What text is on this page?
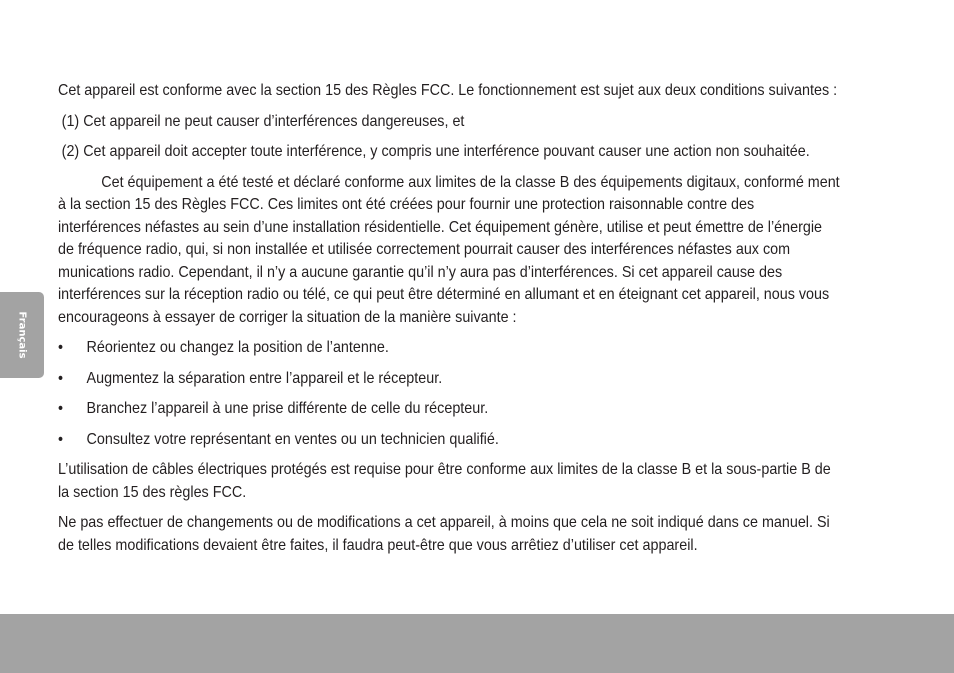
Cet appareil est conforme avec la section 15 des Règles FCC. Le fonctionnement est sujet aux deux conditions suivantes :

(1) Cet appareil ne peut causer d’interférences dangereuses, et

(2) Cet appareil doit accepter toute interférence, y compris une interférence pouvant causer une action non souhaitée.

Cet équipement a été testé et déclaré conforme aux limites de la classe B des équipements digitaux, conformé ment à la section 15 des Règles FCC. Ces limites ont été créées pour fournir une protection raisonnable contre des interférences néfastes au sein d’une installation résidentielle. Cet équipement génère, utilise et peut émettre de l’énergie de fréquence radio, qui, si non installée et utilisée correctement pourrait causer des interférences néfastes aux com munications radio. Cependant, il n’y a aucune garantie qu’il n’y aura pas d’interférences. Si cet appareil cause des interférences sur la réception radio ou télé, ce qui peut être déterminé en allumant et en éteignant cet appareil, nous vous encourageons à essayer de corriger la situation de la manière suivante :

•	Réorientez ou changez la position de l’antenne.
•	Augmentez la séparation entre l’appareil et le récepteur.
•	Branchez l’appareil à une prise différente de celle du récepteur.
•	Consultez votre représentant en ventes ou un technicien qualifié.

L’utilisation de câbles électriques protégés est requise pour être conforme aux limites de la classe B et la sous-partie B de la section 15 des règles FCC.

Ne pas effectuer de changements ou de modifications a cet appareil, à moins que cela ne soit indiqué dans ce manuel. Si de telles modifications devaient être faites, il faudra peut-être que vous arrêtiez d’utiliser cet appareil.

Français
